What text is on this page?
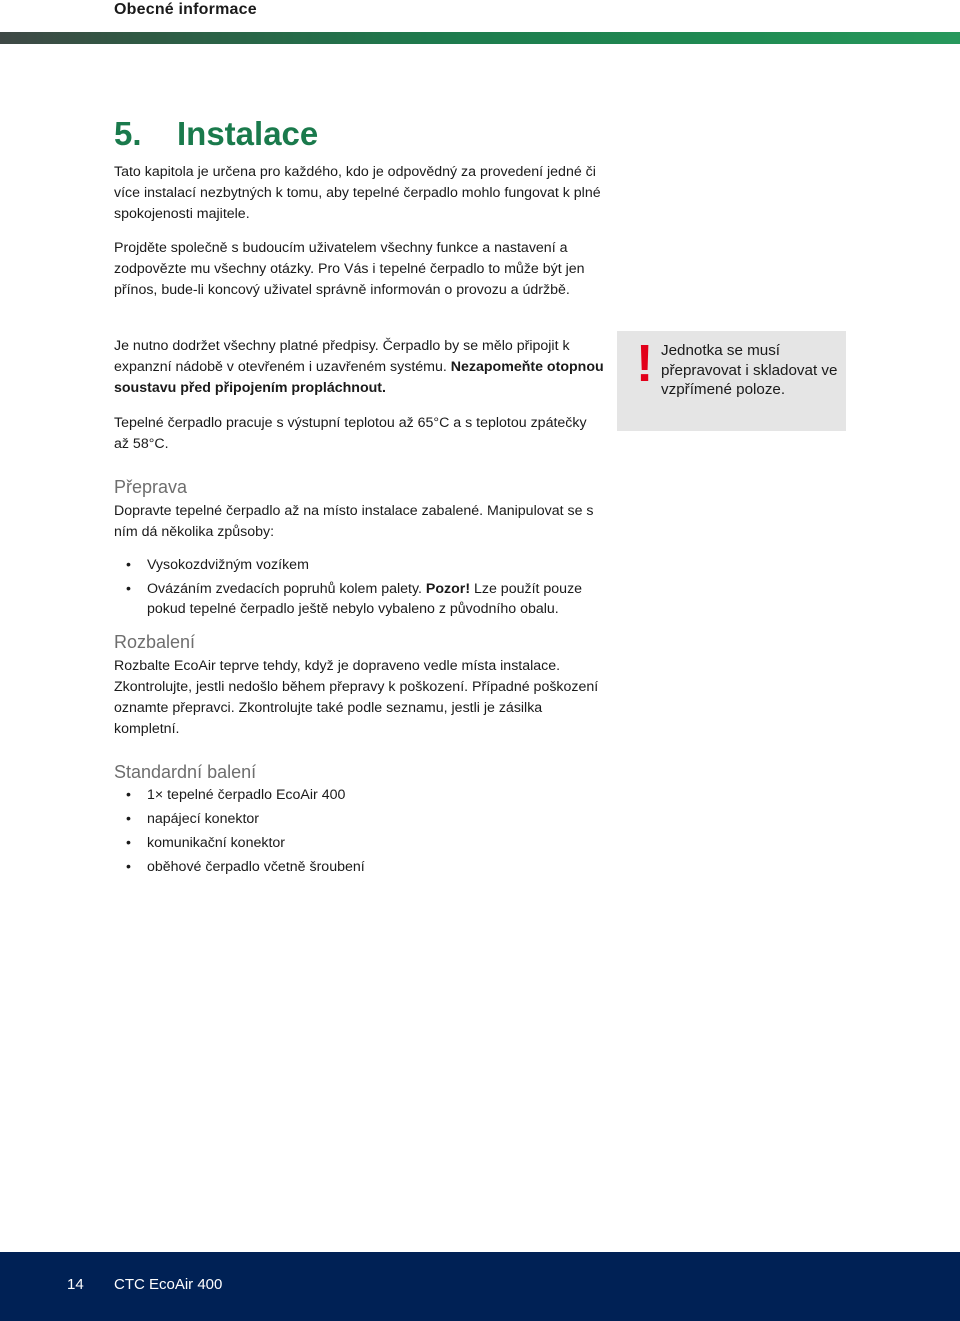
Obecné informace
5. Instalace

Tato kapitola je určena pro každého, kdo je odpovědný za provedení jedné či více instalací nezbytných k tomu, aby tepelné čerpadlo mohlo fungovat k plné spokojenosti majitele.

Projděte společně s budoucím uživatelem všechny funkce a nastavení a zodpovězte mu všechny otázky. Pro Vás i tepelné čerpadlo to může být jen přínos, bude-li koncový uživatel správně informován o provozu a údržbě.

Je nutno dodržet všechny platné předpisy. Čerpadlo by se mělo připojit k expanzní nádobě v otevřeném i uzavřeném systému. Nezapomeňte otopnou soustavu před připojením propláchnout.

Tepelné čerpadlo pracuje s výstupní teplotou až 65°C a s teplotou zpátečky až 58°C.

! Jednotka se musí přepravovat i skladovat ve vzpřímené poloze.
Přeprava

Dopravte tepelné čerpadlo až na místo instalace zabalené. Manipulovat se s ním dá několika způsoby:

• Vysokozdvižným vozíkem
• Ovázáním zvedacích popruhů kolem palety. Pozor! Lze použít pouze pokud tepelné čerpadlo ještě nebylo vybaleno z původního obalu.
Rozbalení

Rozbalte EcoAir teprve tehdy, když je dopraveno vedle místa instalace. Zkontrolujte, jestli nedošlo během přepravy k poškození. Případné poškození oznamte přepravci. Zkontrolujte také podle seznamu, jestli je zásilka kompletní.

Standardní balení
• 1× tepelné čerpadlo EcoAir 400
• napájecí konektor
• komunikační konektor
• oběhové čerpadlo včetně šroubení
14 CTC EcoAir 400
